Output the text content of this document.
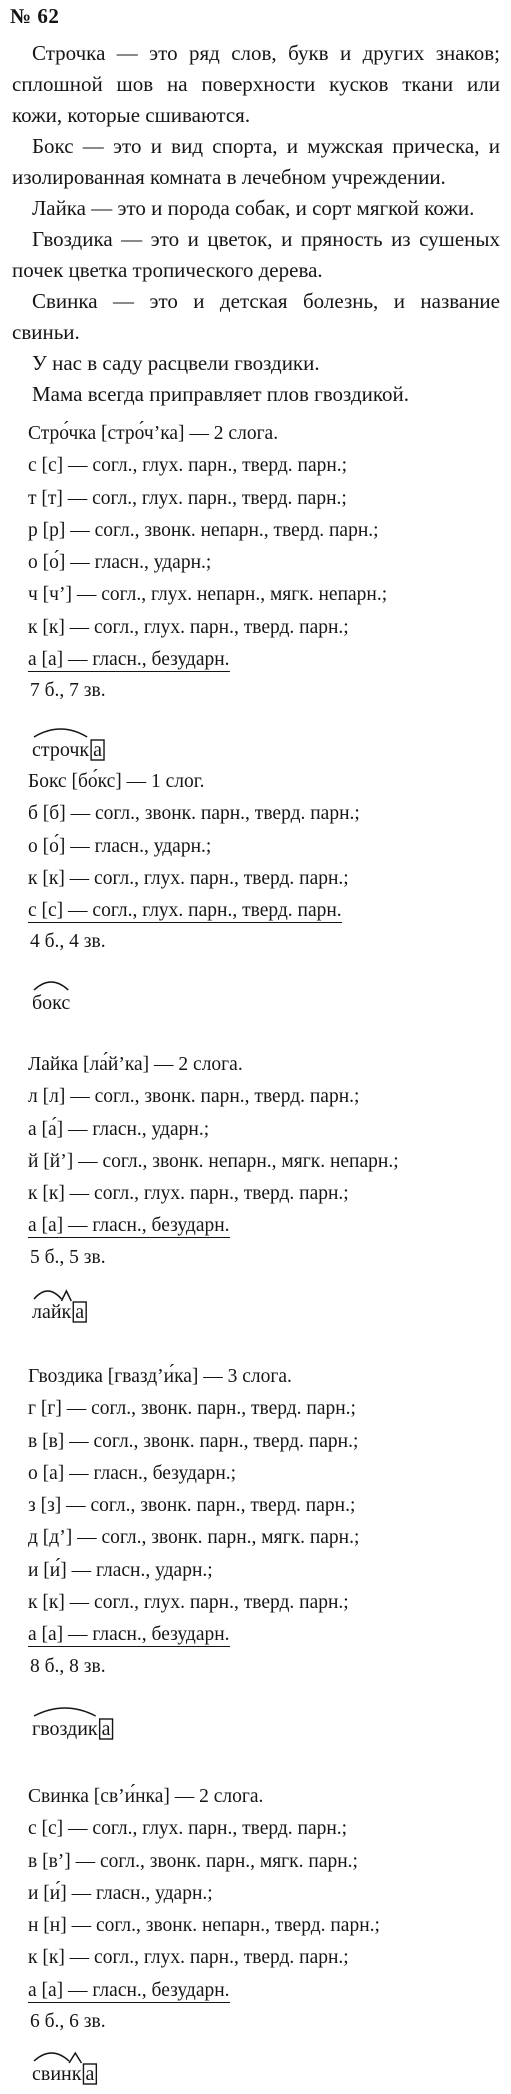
№ 62

Строчка — это ряд слов, букв и других знаков; сплошной шов на поверхности кусков ткани или кожи, которые сшиваются.

Бокс — это и вид спорта, и мужская прическа, и изолированная комната в лечебном учреждении.

Лайка — это и порода собак, и сорт мягкой кожи.

Гвоздика — это и цветок, и пряность из сушеных почек цветка тропического дерева.

Свинка — это и детская болезнь, и название свиньи.

У нас в саду расцвели гвоздики.

Мама всегда приправляет плов гвоздикой.

Стро́чка [стро́ч’ка] — 2 слога.
с [с] — согл., глух. парн., тверд. парн.;
т [т] — согл., глух. парн., тверд. парн.;
р [р] — согл., звонк. непарн., тверд. парн.;
о [о́] — гласн., ударн.;
ч [ч’] — согл., глух. непарн., мягк. непарн.;
к [к] — согл., глух. парн., тверд. парн.;
а [а] — гласн., безударн.
7 б., 7 зв.
строчк а
Бокс [бо́кс] — 1 слог.
б [б] — согл., звонк. парн., тверд. парн.;
о [о́] — гласн., ударн.;
к [к] — согл., глух. парн., тверд. парн.;
с [с] — согл., глух. парн., тверд. парн.
4 б., 4 зв.
бокс
Лайка [ла́й’ка] — 2 слога.
л [л] — согл., звонк. парн., тверд. парн.;
а [а́] — гласн., ударн.;
й [й’] — согл., звонк. непарн., мягк. непарн.;
к [к] — согл., глух. парн., тверд. парн.;
а [а] — гласн., безударн.
5 б., 5 зв.
лайк а
Гвоздика [гвазд’и́ка] — 3 слога.
г [г] — согл., звонк. парн., тверд. парн.;
в [в] — согл., звонк. парн., тверд. парн.;
о [а] — гласн., безударн.;
з [з] — согл., звонк. парн., тверд. парн.;
д [д’] — согл., звонк. парн., мягк. парн.;
и [и́] — гласн., ударн.;
к [к] — согл., глух. парн., тверд. парн.;
а [а] — гласн., безударн.
8 б., 8 зв.
гвоздик а
Свинка [св’и́нка] — 2 слога.
с [с] — согл., глух. парн., тверд. парн.;
в [в’] — согл., звонк. парн., мягк. парн.;
и [и́] — гласн., ударн.;
н [н] — согл., звонк. непарн., тверд. парн.;
к [к] — согл., глух. парн., тверд. парн.;
а [а] — гласн., безударн.
6 б., 6 зв.
свинк а
